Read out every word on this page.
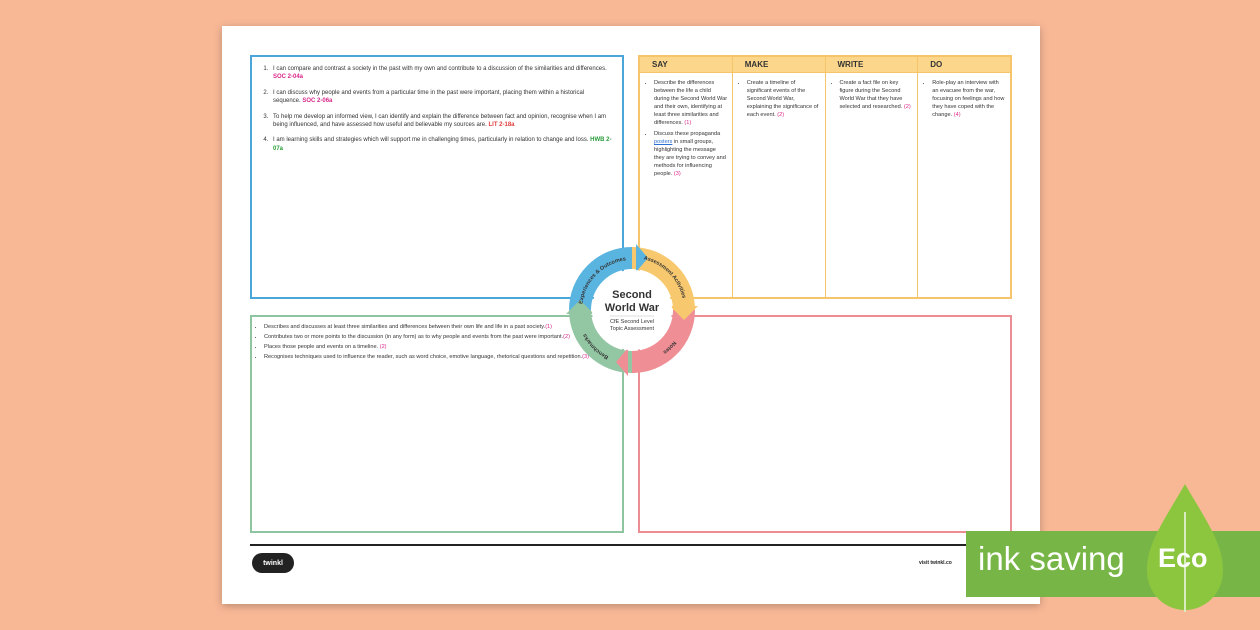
1. I can compare and contrast a society in the past with my own and contribute to a discussion of the similarities and differences. SOC 2-04a
2. I can discuss why people and events from a particular time in the past were important, placing them within a historical sequence. SOC 2-06a
3. To help me develop an informed view, I can identify and explain the difference between fact and opinion, recognise when I am being influenced, and have assessed how useful and believable my sources are. LIT 2-18a
4. I am learning skills and strategies which will support me in challenging times, particularly in relation to change and loss. HWB 2-07a
SAY
• Describe the differences between the life a child during the Second World War and their own, identifying at least three similarities and differences. (1)
• Discuss these propaganda posters in small groups, highlighting the message they are trying to convey and methods for influencing people. (3)
MAKE
• Create a timeline of significant events of the Second World War, explaining the significance of each event. (2)
WRITE
• Create a fact file on key figure during the Second World War that they have selected and researched. (2)
DO
• Role-play an interview with an evacuee from the war, focusing on feelings and how they have coped with the change. (4)
• Describes and discusses at least three similarities and differences between their own life and life in a past society.(1)
• Contributes two or more points to the discussion (in any form) as to why people and events from the past were important.(2)
• Places those people and events on a timeline. (2)
• Recognises techniques used to influence the reader, such as word choice, emotive language, rhetorical questions and repetition.(3)
Experiences & Outcomes	Assessment Activities
Notes
Benchmarks
Second
World War
CfE Second Level
Topic Assessment
twinkl	visit twinkl.co ink saving Eco
